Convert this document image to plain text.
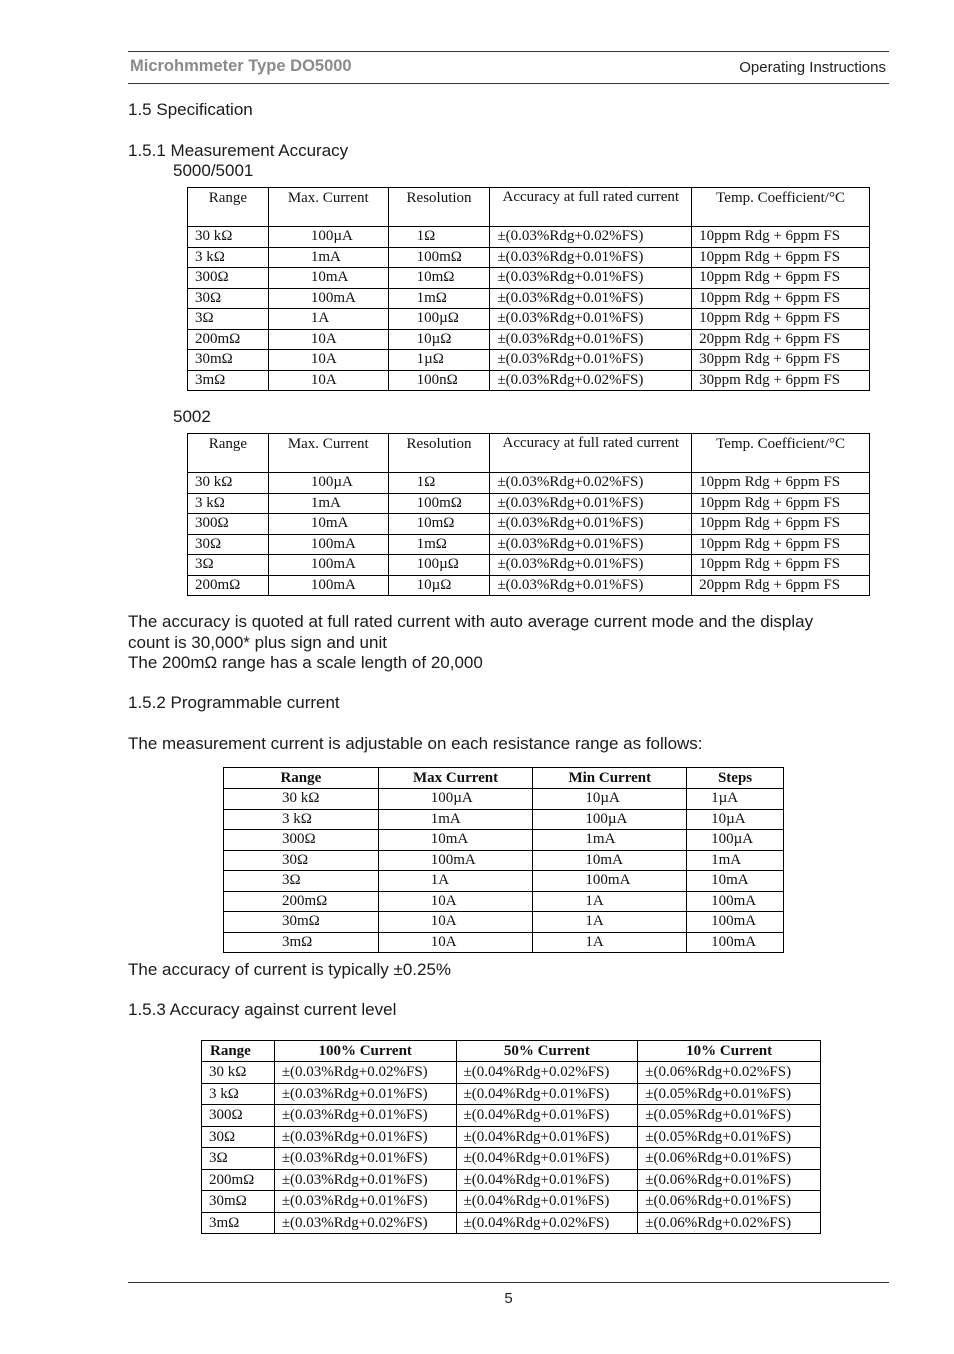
Microhmmeter Type DO5000	Operating Instructions
1.5 Specification
1.5.1 Measurement Accuracy
5000/5001
Range	Max. Current	Resolution	Accuracy at full rated current	Temp. Coefficient/°C
30 kΩ	100µA	1Ω	±(0.03%Rdg+0.02%FS)	10ppm Rdg + 6ppm FS
3 kΩ	1mA	100mΩ	±(0.03%Rdg+0.01%FS)	10ppm Rdg + 6ppm FS
300Ω	10mA	10mΩ	±(0.03%Rdg+0.01%FS)	10ppm Rdg + 6ppm FS
30Ω	100mA	1mΩ	±(0.03%Rdg+0.01%FS)	10ppm Rdg + 6ppm FS
3Ω	1A	100µΩ	±(0.03%Rdg+0.01%FS)	10ppm Rdg + 6ppm FS
200mΩ	10A	10µΩ	±(0.03%Rdg+0.01%FS)	20ppm Rdg + 6ppm FS
30mΩ	10A	1µΩ	±(0.03%Rdg+0.01%FS)	30ppm Rdg + 6ppm FS
3mΩ	10A	100nΩ	±(0.03%Rdg+0.02%FS)	30ppm Rdg + 6ppm FS
5002
Range	Max. Current	Resolution	Accuracy at full rated current	Temp. Coefficient/°C
30 kΩ	100µA	1Ω	±(0.03%Rdg+0.02%FS)	10ppm Rdg + 6ppm FS
3 kΩ	1mA	100mΩ	±(0.03%Rdg+0.01%FS)	10ppm Rdg + 6ppm FS
300Ω	10mA	10mΩ	±(0.03%Rdg+0.01%FS)	10ppm Rdg + 6ppm FS
30Ω	100mA	1mΩ	±(0.03%Rdg+0.01%FS)	10ppm Rdg + 6ppm FS
3Ω	100mA	100µΩ	±(0.03%Rdg+0.01%FS)	10ppm Rdg + 6ppm FS
200mΩ	100mA	10µΩ	±(0.03%Rdg+0.01%FS)	20ppm Rdg + 6ppm FS
The accuracy is quoted at full rated current with auto average current mode and the display
count is 30,000* plus sign and unit
The 200mΩ range has a scale length of 20,000
1.5.2 Programmable current
The measurement current is adjustable on each resistance range as follows:
Range	Max Current	Min Current	Steps
30 kΩ	100µA	10µA	1µA
3 kΩ	1mA	100µA	10µA
300Ω	10mA	1mA	100µA
30Ω	100mA	10mA	1mA
3Ω	1A	100mA	10mA
200mΩ	10A	1A	100mA
30mΩ	10A	1A	100mA
3mΩ	10A	1A	100mA
The accuracy of current is typically ±0.25%
1.5.3 Accuracy against current level
Range	100% Current	50% Current	10% Current
30 kΩ	±(0.03%Rdg+0.02%FS)	±(0.04%Rdg+0.02%FS)	±(0.06%Rdg+0.02%FS)
3 kΩ	±(0.03%Rdg+0.01%FS)	±(0.04%Rdg+0.01%FS)	±(0.05%Rdg+0.01%FS)
300Ω	±(0.03%Rdg+0.01%FS)	±(0.04%Rdg+0.01%FS)	±(0.05%Rdg+0.01%FS)
30Ω	±(0.03%Rdg+0.01%FS)	±(0.04%Rdg+0.01%FS)	±(0.05%Rdg+0.01%FS)
3Ω	±(0.03%Rdg+0.01%FS)	±(0.04%Rdg+0.01%FS)	±(0.06%Rdg+0.01%FS)
200mΩ	±(0.03%Rdg+0.01%FS)	±(0.04%Rdg+0.01%FS)	±(0.06%Rdg+0.01%FS)
30mΩ	±(0.03%Rdg+0.01%FS)	±(0.04%Rdg+0.01%FS)	±(0.06%Rdg+0.01%FS)
3mΩ	±(0.03%Rdg+0.02%FS)	±(0.04%Rdg+0.02%FS)	±(0.06%Rdg+0.02%FS)
5
